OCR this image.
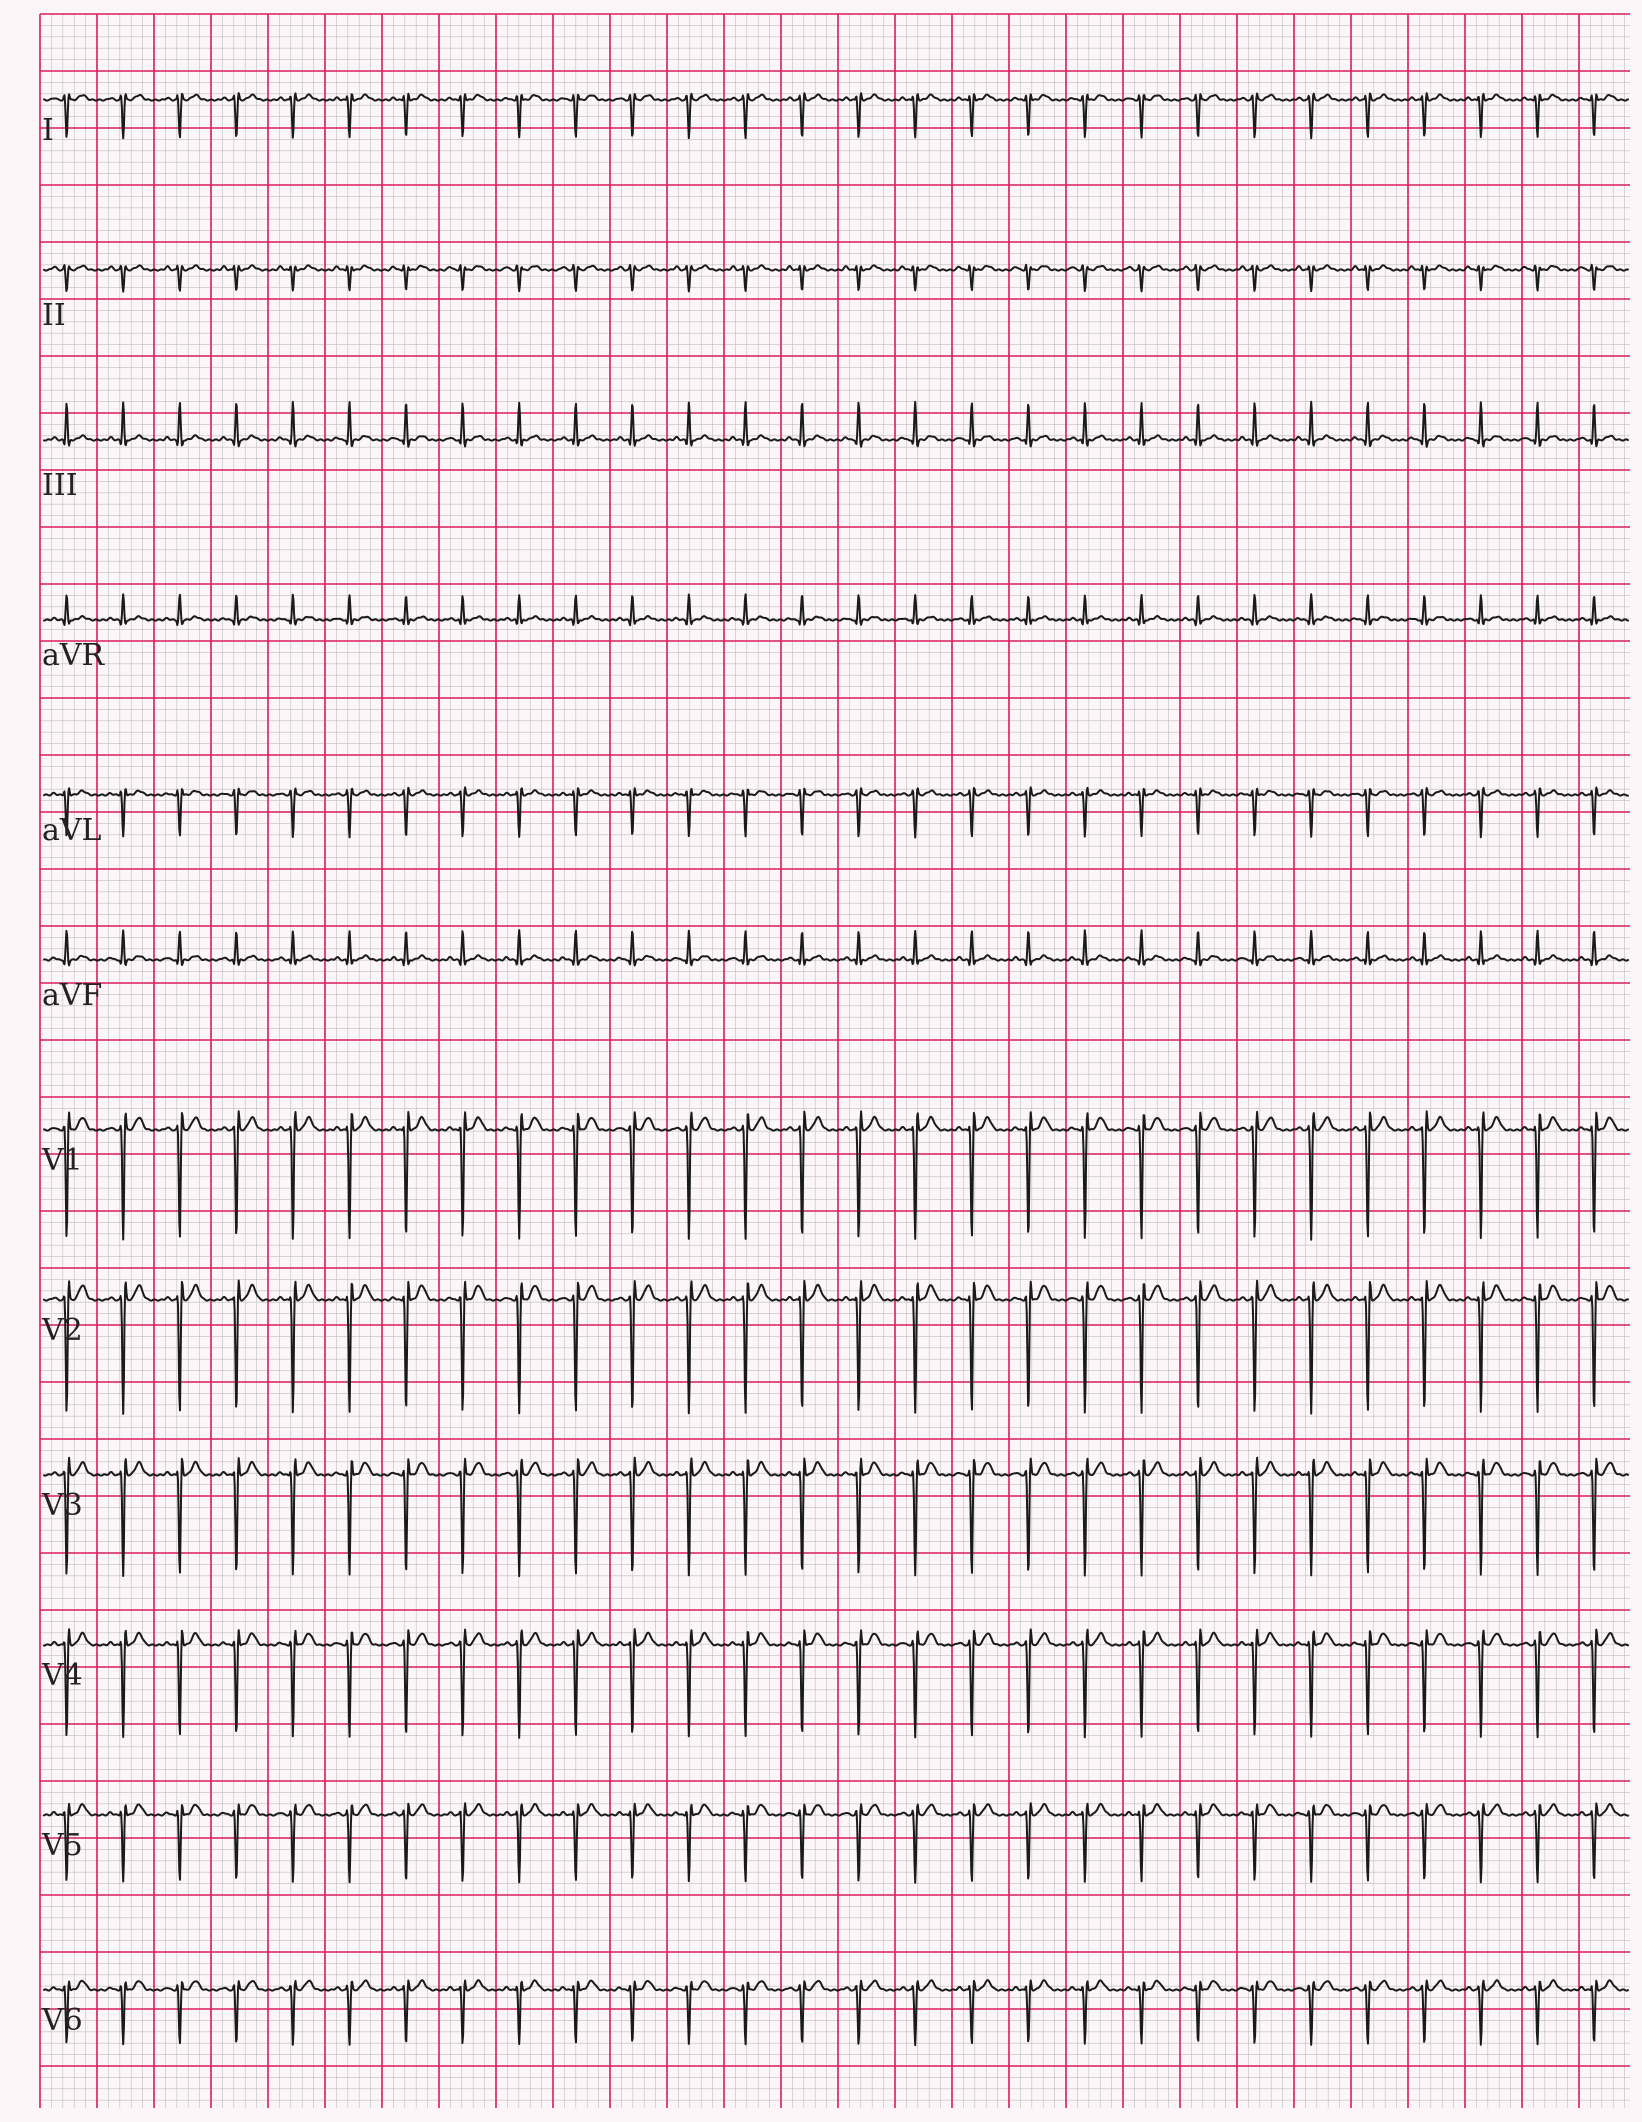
I
II
III
aVR
aVL
aVF
V1
V2
V3
V4
V5
V6
